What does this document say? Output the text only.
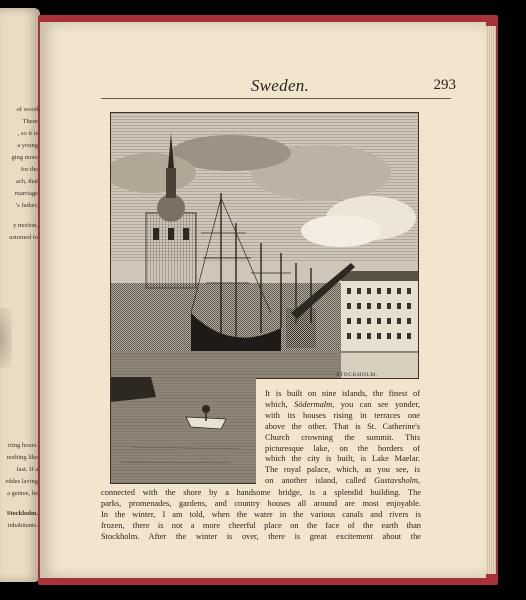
of wood
These
, so it is
a young
ging more
for the
ach, that
marriage
's father,
y motion,
ustomed to
rting hours.
nothing like
fast. If a
eddes laving
a gentee, he
Stockholm.
inhabitants.
Sweden.	293
STOCKHOLM.

It is built on nine islands, the finest of

which, Södermalm, you can see yonder,

with its houses rising in terraces one

above the other. That is St. Catherine's

Church crowning the summit. This

picturesque lake, on the borders of

which the city is built, is Lake Maelar.

The royal palace, which, as you see, is

on another island, called Gustavsholm,

connected with the shore by a handsome bridge, is a splendid building. The

parks, promenades, gardens, and country houses all around are most enjoyable.

In the winter, I am told, when the water in the various canals and rivers is

frozen, there is not a more cheerful place on the face of the earth than

Stockholm. After the winter is over, there is great excitement about the
